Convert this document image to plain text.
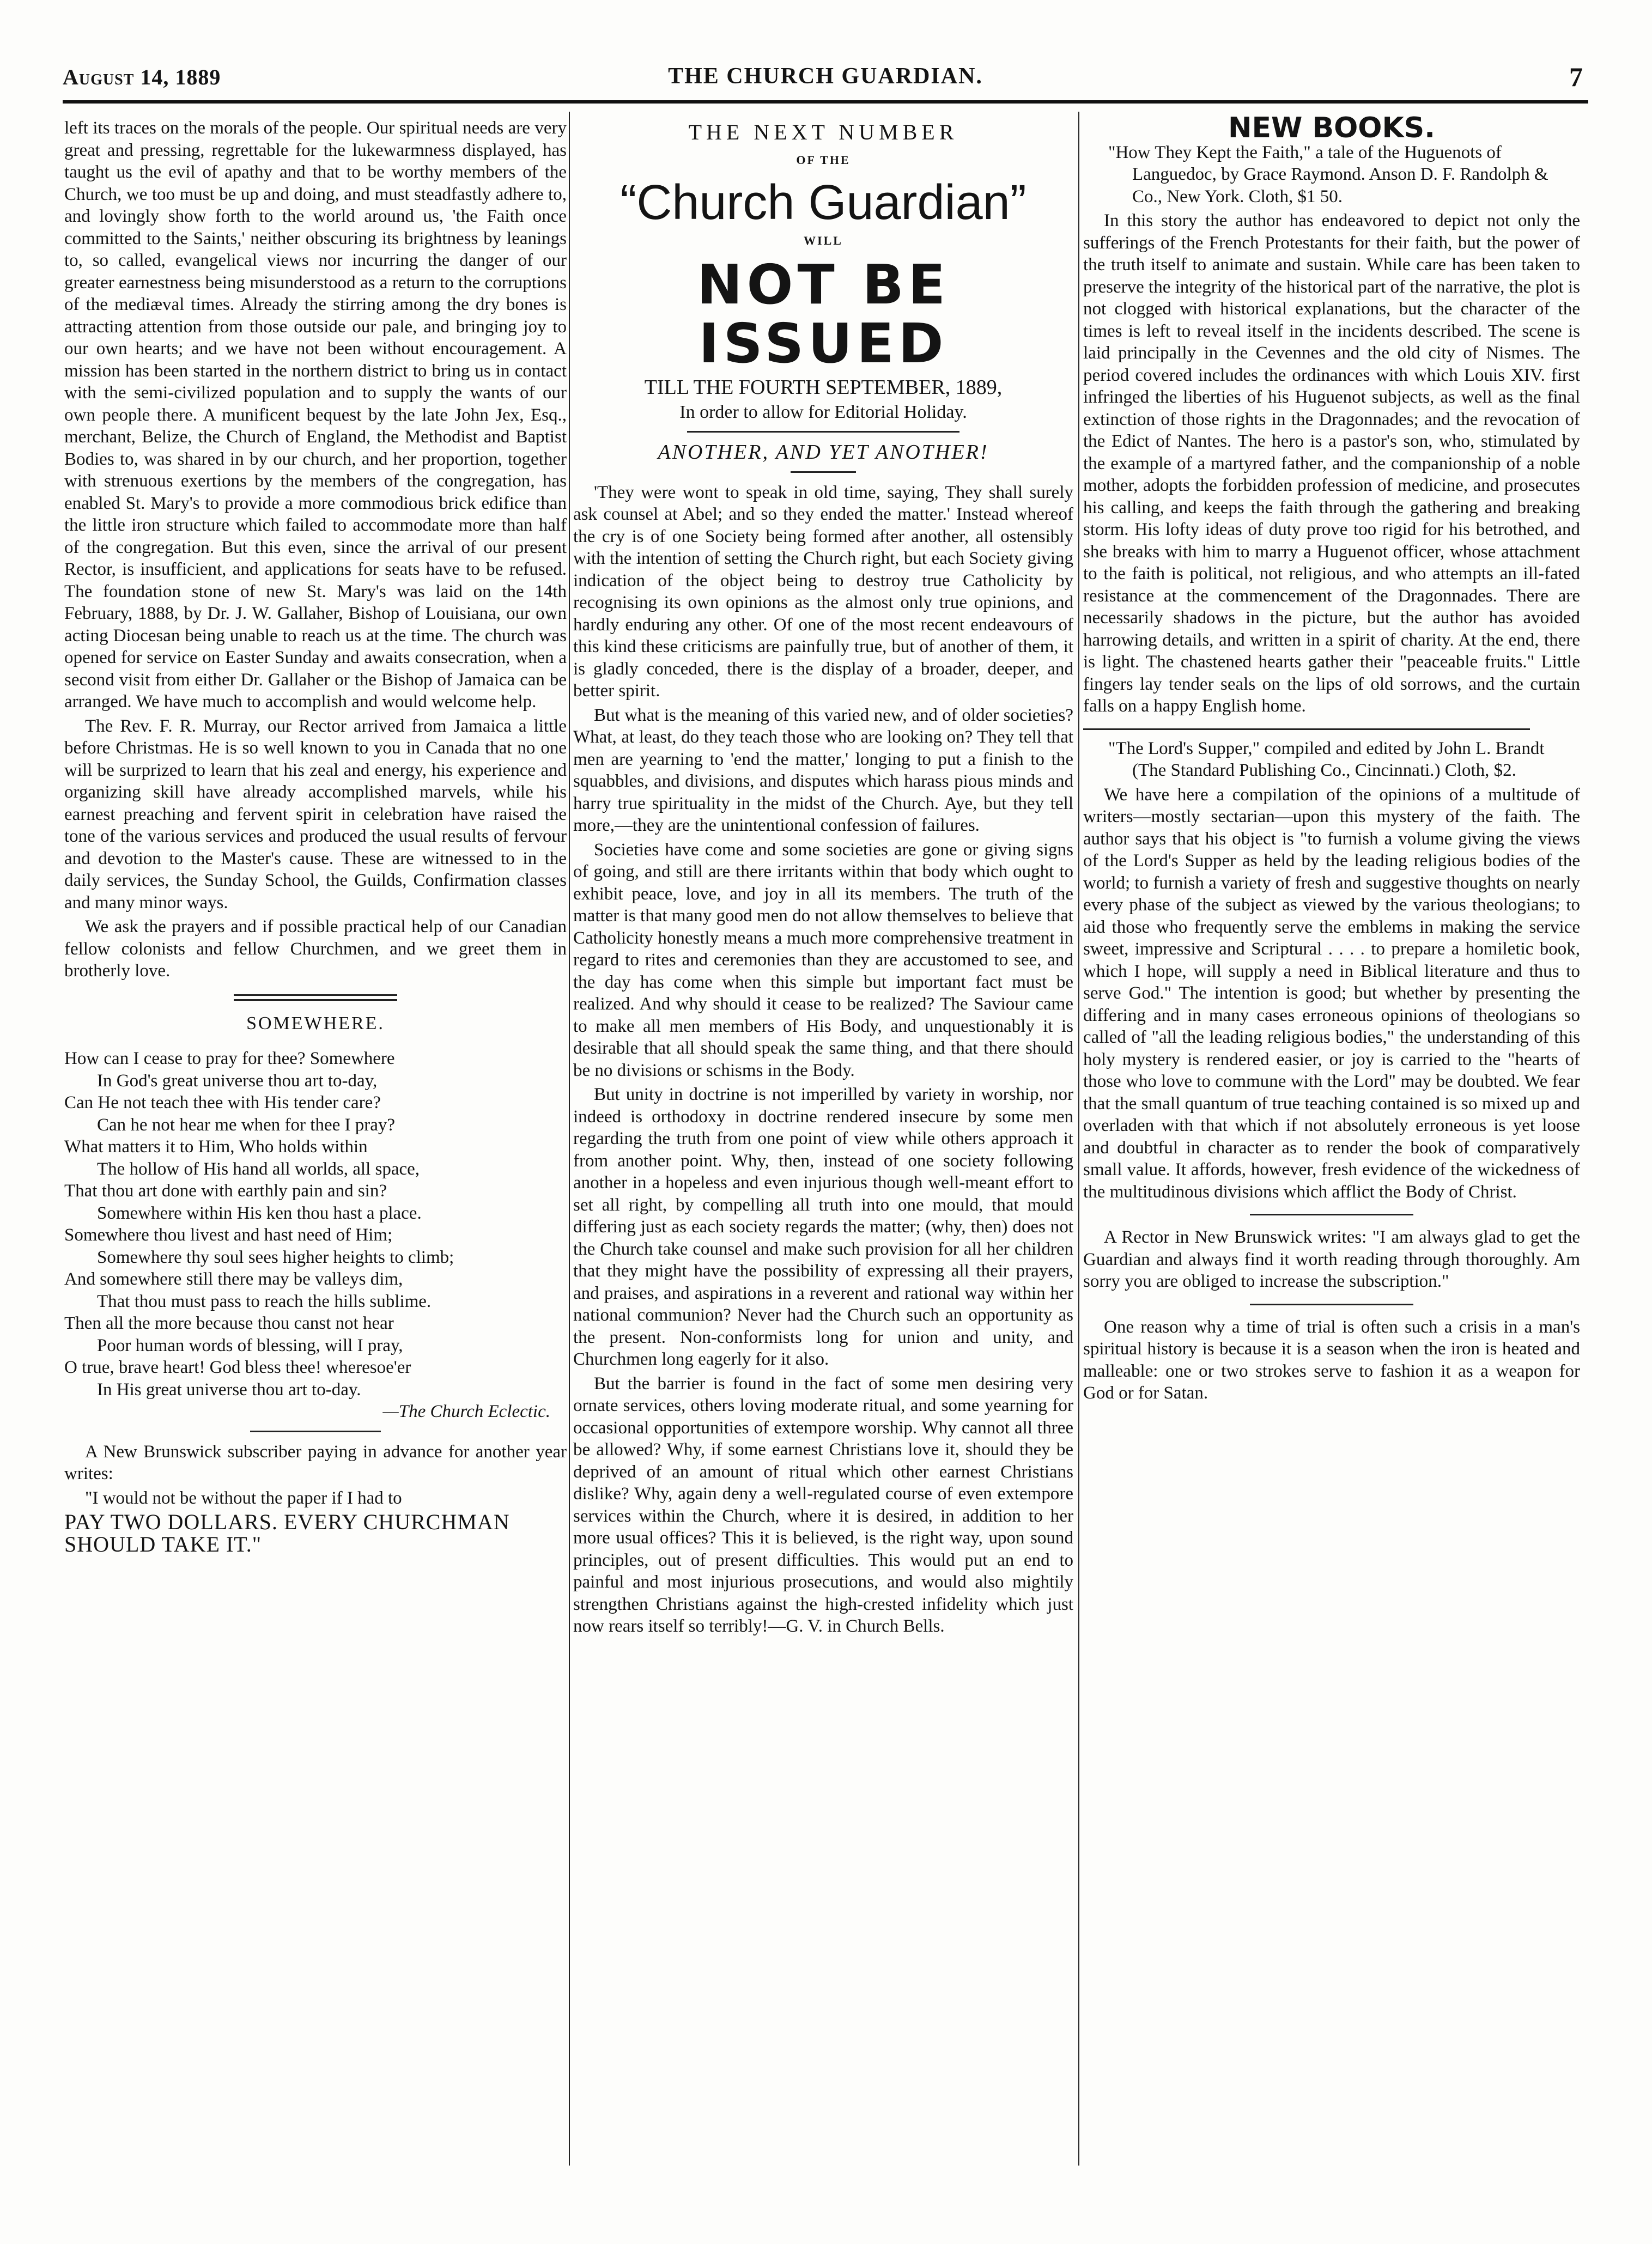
August 14, 1889	THE CHURCH GUARDIAN.	7

left its traces on the morals of the people. Our spiritual needs are very great and pressing, regrettable for the lukewarmness displayed, has taught us the evil of apathy and that to be worthy members of the Church, we too must be up and doing, and must steadfastly adhere to, and lovingly show forth to the world around us, 'the Faith once committed to the Saints,' neither obscuring its brightness by leanings to, so called, evangelical views nor incurring the danger of our greater earnestness being misunderstood as a return to the corruptions of the mediæval times. Already the stirring among the dry bones is attracting attention from those outside our pale, and bringing joy to our own hearts; and we have not been without encouragement. A mission has been started in the northern district to bring us in contact with the semi-civilized population and to supply the wants of our own people there. A munificent bequest by the late John Jex, Esq., merchant, Belize, the Church of England, the Methodist and Baptist Bodies to, was shared in by our church, and her proportion, together with strenuous exertions by the members of the congregation, has enabled St. Mary's to provide a more commodious brick edifice than the little iron structure which failed to accommodate more than half of the congregation. But this even, since the arrival of our present Rector, is insufficient, and applications for seats have to be refused. The foundation stone of new St. Mary's was laid on the 14th February, 1888, by Dr. J. W. Gallaher, Bishop of Louisiana, our own acting Diocesan being unable to reach us at the time. The church was opened for service on Easter Sunday and awaits consecration, when a second visit from either Dr. Gallaher or the Bishop of Jamaica can be arranged. We have much to accomplish and would welcome help.

The Rev. F. R. Murray, our Rector arrived from Jamaica a little before Christmas. He is so well known to you in Canada that no one will be surprized to learn that his zeal and energy, his experience and organizing skill have already accomplished marvels, while his earnest preaching and fervent spirit in celebration have raised the tone of the various services and produced the usual results of fervour and devotion to the Master's cause. These are witnessed to in the daily services, the Sunday School, the Guilds, Confirmation classes and many minor ways.

We ask the prayers and if possible practical help of our Canadian fellow colonists and fellow Churchmen, and we greet them in brotherly love.

SOMEWHERE.

How can I cease to pray for thee? Somewhere

In God's great universe thou art to-day,

Can He not teach thee with His tender care?

Can he not hear me when for thee I pray?

What matters it to Him, Who holds within

The hollow of His hand all worlds, all space,

That thou art done with earthly pain and sin?

Somewhere within His ken thou hast a place.

Somewhere thou livest and hast need of Him;

Somewhere thy soul sees higher heights to climb;

And somewhere still there may be valleys dim,

That thou must pass to reach the hills sublime.

Then all the more because thou canst not hear

Poor human words of blessing, will I pray,

O true, brave heart! God bless thee! wheresoe'er

In His great universe thou art to-day.

—The Church Eclectic.

A New Brunswick subscriber paying in advance for another year writes:

"I would not be without the paper if I had to

PAY TWO DOLLARS. EVERY CHURCHMAN SHOULD TAKE IT."

THE NEXT NUMBER
OF THE
“Church Guardian”
WILL
NOT BE ISSUED

TILL THE FOURTH SEPTEMBER, 1889,

In order to allow for Editorial Holiday.

ANOTHER, AND YET ANOTHER!

'They were wont to speak in old time, saying, They shall surely ask counsel at Abel; and so they ended the matter.' Instead whereof the cry is of one Society being formed after another, all ostensibly with the intention of setting the Church right, but each Society giving indication of the object being to destroy true Catholicity by recognising its own opinions as the almost only true opinions, and hardly enduring any other. Of one of the most recent endeavours of this kind these criticisms are painfully true, but of another of them, it is gladly conceded, there is the display of a broader, deeper, and better spirit.

But what is the meaning of this varied new, and of older societies? What, at least, do they teach those who are looking on? They tell that men are yearning to 'end the matter,' longing to put a finish to the squabbles, and divisions, and disputes which harass pious minds and harry true spirituality in the midst of the Church. Aye, but they tell more,—they are the unintentional confession of failures.

Societies have come and some societies are gone or giving signs of going, and still are there irritants within that body which ought to exhibit peace, love, and joy in all its members. The truth of the matter is that many good men do not allow themselves to believe that Catholicity honestly means a much more comprehensive treatment in regard to rites and ceremonies than they are accustomed to see, and the day has come when this simple but important fact must be realized. And why should it cease to be realized? The Saviour came to make all men members of His Body, and unquestionably it is desirable that all should speak the same thing, and that there should be no divisions or schisms in the Body.

But unity in doctrine is not imperilled by variety in worship, nor indeed is orthodoxy in doctrine rendered insecure by some men regarding the truth from one point of view while others approach it from another point. Why, then, instead of one society following another in a hopeless and even injurious though well-meant effort to set all right, by compelling all truth into one mould, that mould differing just as each society regards the matter; (why, then) does not the Church take counsel and make such provision for all her children that they might have the possibility of expressing all their prayers, and praises, and aspirations in a reverent and rational way within her national communion? Never had the Church such an opportunity as the present. Non-conformists long for union and unity, and Churchmen long eagerly for it also.

But the barrier is found in the fact of some men desiring very ornate services, others loving moderate ritual, and some yearning for occasional opportunities of extempore worship. Why cannot all three be allowed? Why, if some earnest Christians love it, should they be deprived of an amount of ritual which other earnest Christians dislike? Why, again deny a well-regulated course of even extempore services within the Church, where it is desired, in addition to her more usual offices? This it is believed, is the right way, upon sound principles, out of present difficulties. This would put an end to painful and most injurious prosecutions, and would also mightily strengthen Christians against the high-crested infidelity which just now rears itself so terribly!—G. V. in Church Bells.

NEW BOOKS.

"How They Kept the Faith," a tale of the Huguenots of Languedoc, by Grace Raymond. Anson D. F. Randolph & Co., New York. Cloth, $1 50.

In this story the author has endeavored to depict not only the sufferings of the French Protestants for their faith, but the power of the truth itself to animate and sustain. While care has been taken to preserve the integrity of the historical part of the narrative, the plot is not clogged with historical explanations, but the character of the times is left to reveal itself in the incidents described. The scene is laid principally in the Cevennes and the old city of Nismes. The period covered includes the ordinances with which Louis XIV. first infringed the liberties of his Huguenot subjects, as well as the final extinction of those rights in the Dragonnades; and the revocation of the Edict of Nantes. The hero is a pastor's son, who, stimulated by the example of a martyred father, and the companionship of a noble mother, adopts the forbidden profession of medicine, and prosecutes his calling, and keeps the faith through the gathering and breaking storm. His lofty ideas of duty prove too rigid for his betrothed, and she breaks with him to marry a Huguenot officer, whose attachment to the faith is political, not religious, and who attempts an ill-fated resistance at the commencement of the Dragonnades. There are necessarily shadows in the picture, but the author has avoided harrowing details, and written in a spirit of charity. At the end, there is light. The chastened hearts gather their "peaceable fruits." Little fingers lay tender seals on the lips of old sorrows, and the curtain falls on a happy English home.

"The Lord's Supper," compiled and edited by John L. Brandt (The Standard Publishing Co., Cincinnati.) Cloth, $2.

We have here a compilation of the opinions of a multitude of writers—mostly sectarian—upon this mystery of the faith. The author says that his object is "to furnish a volume giving the views of the Lord's Supper as held by the leading religious bodies of the world; to furnish a variety of fresh and suggestive thoughts on nearly every phase of the subject as viewed by the various theologians; to aid those who frequently serve the emblems in making the service sweet, impressive and Scriptural . . . . to prepare a homiletic book, which I hope, will supply a need in Biblical literature and thus to serve God." The intention is good; but whether by presenting the differing and in many cases erroneous opinions of theologians so called of "all the leading religious bodies," the understanding of this holy mystery is rendered easier, or joy is carried to the "hearts of those who love to commune with the Lord" may be doubted. We fear that the small quantum of true teaching contained is so mixed up and overladen with that which if not absolutely erroneous is yet loose and doubtful in character as to render the book of comparatively small value. It affords, however, fresh evidence of the wickedness of the multitudinous divisions which afflict the Body of Christ.

A Rector in New Brunswick writes: "I am always glad to get the Guardian and always find it worth reading through thoroughly. Am sorry you are obliged to increase the subscription."

One reason why a time of trial is often such a crisis in a man's spiritual history is because it is a season when the iron is heated and malleable: one or two strokes serve to fashion it as a weapon for God or for Satan.
